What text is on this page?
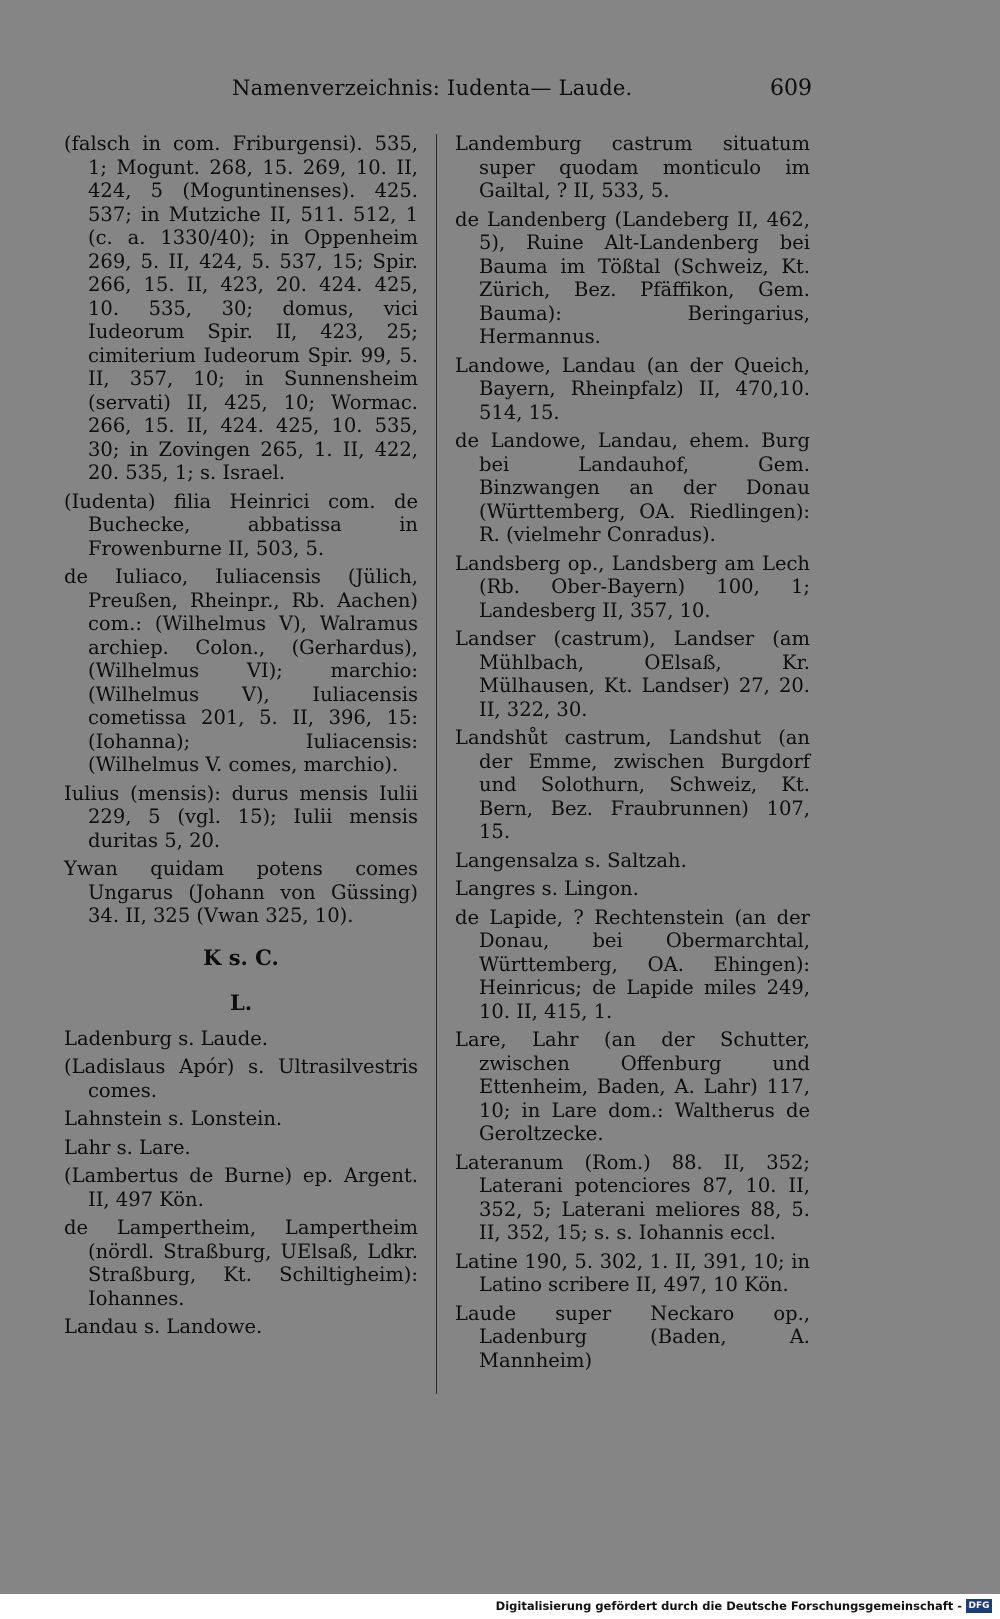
Namenverzeichnis: Iudenta— Laude.	609
(falsch in com. Friburgensi). 535, 1; Mogunt. 268, 15. 269, 10. II, 424, 5 (Moguntinenses). 425. 537; in Mutziche II, 511. 512, 1 (c. a. 1330/40); in Oppenheim 269, 5. II, 424, 5. 537, 15; Spir. 266, 15. II, 423, 20. 424. 425, 10. 535, 30; domus, vici Iudeorum Spir. II, 423, 25; cimiterium Iudeorum Spir. 99, 5. II, 357, 10; in Sunnensheim (servati) II, 425, 10; Wormac. 266, 15. II, 424. 425, 10. 535, 30; in Zovingen 265, 1. II, 422, 20. 535, 1; s. Israel.
(Iudenta) filia Heinrici com. de Buchecke, abbatissa in Frowenburne II, 503, 5.
de Iuliaco, Iuliacensis (Jülich, Preußen, Rheinpr., Rb. Aachen) com.: (Wilhelmus V), Walramus archiep. Colon., (Gerhardus), (Wilhelmus VI); marchio: (Wilhelmus V), Iuliacensis cometissa 201, 5. II, 396, 15: (Iohanna); Iuliacensis: (Wilhelmus V. comes, marchio).
Iulius (mensis): durus mensis Iulii 229, 5 (vgl. 15); Iulii mensis duritas 5, 20.
Ywan quidam potens comes Ungarus (Johann von Güssing) 34. II, 325 (Vwan 325, 10).
K s. C.
L.
Ladenburg s. Laude.
(Ladislaus Apór) s. Ultrasilvestris comes.
Lahnstein s. Lonstein.
Lahr s. Lare.
(Lambertus de Burne) ep. Argent. II, 497 Kön.
de Lampertheim, Lampertheim (nördl. Straßburg, UElsaß, Ldkr. Straßburg, Kt. Schiltigheim): Iohannes.
Landau s. Landowe.
Landemburg castrum situatum super quodam monticulo im Gailtal, ? II, 533, 5.
de Landenberg (Landeberg II, 462, 5), Ruine Alt-Landenberg bei Bauma im Tößtal (Schweiz, Kt. Zürich, Bez. Pfäffikon, Gem. Bauma): Beringarius, Hermannus.
Landowe, Landau (an der Queich, Bayern, Rheinpfalz) II, 470,10. 514, 15.
de Landowe, Landau, ehem. Burg bei Landauhof, Gem. Binzwangen an der Donau (Württemberg, OA. Riedlingen): R. (vielmehr Conradus).
Landsberg op., Landsberg am Lech (Rb. Ober-Bayern) 100, 1; Landesberg II, 357, 10.
Landser (castrum), Landser (am Mühlbach, OElsaß, Kr. Mülhausen, Kt. Landser) 27, 20. II, 322, 30.
Landshůt castrum, Landshut (an der Emme, zwischen Burgdorf und Solothurn, Schweiz, Kt. Bern, Bez. Fraubrunnen) 107, 15.
Langensalza s. Saltzah.
Langres s. Lingon.
de Lapide, ? Rechtenstein (an der Donau, bei Obermarchtal, Württemberg, OA. Ehingen): Heinricus; de Lapide miles 249, 10. II, 415, 1.
Lare, Lahr (an der Schutter, zwischen Offenburg und Ettenheim, Baden, A. Lahr) 117, 10; in Lare dom.: Waltherus de Geroltzecke.
Lateranum (Rom.) 88. II, 352; Laterani potenciores 87, 10. II, 352, 5; Laterani meliores 88, 5. II, 352, 15; s. s. Iohannis eccl.
Latine 190, 5. 302, 1. II, 391, 10; in Latino scribere II, 497, 10 Kön.
Laude super Neckaro op., Ladenburg (Baden, A. Mannheim)
Digitalisierung gefördert durch die Deutsche Forschungsgemeinschaft - DFG
